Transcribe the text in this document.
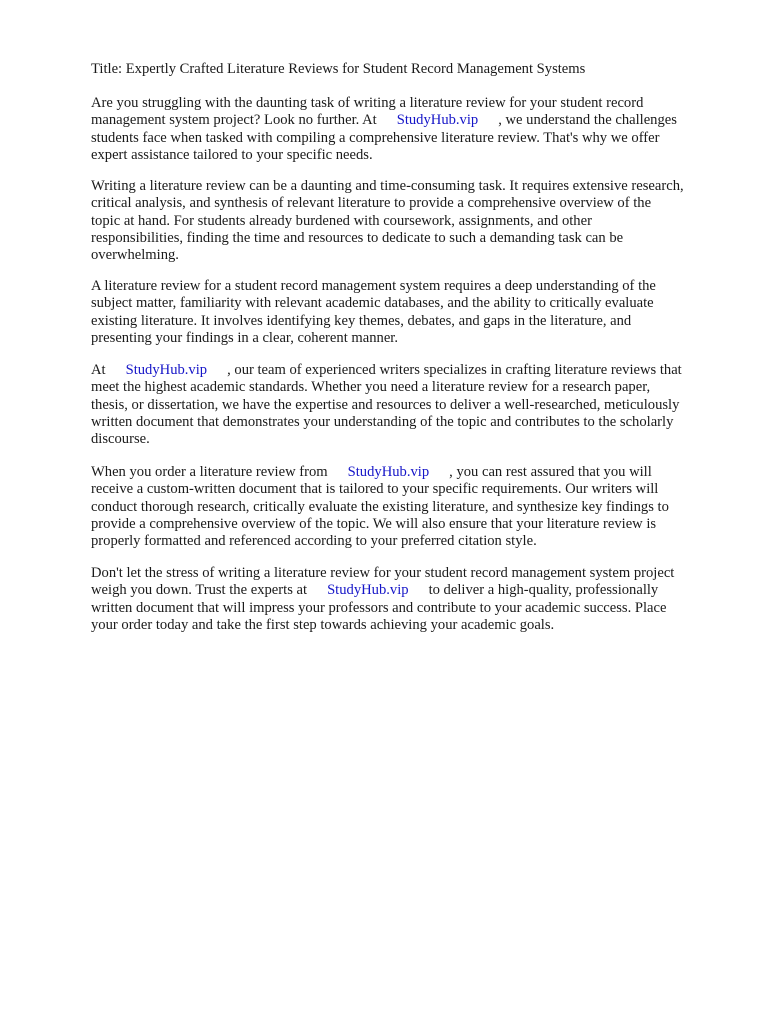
Title: Expertly Crafted Literature Reviews for Student Record Management Systems
Are you struggling with the daunting task of writing a literature review for your student record
management system project? Look no further. At StudyHub.vip , we understand the challenges
students face when tasked with compiling a comprehensive literature review. That's why we offer
expert assistance tailored to your specific needs.
Writing a literature review can be a daunting and time-consuming task. It requires extensive research,
critical analysis, and synthesis of relevant literature to provide a comprehensive overview of the
topic at hand. For students already burdened with coursework, assignments, and other
responsibilities, finding the time and resources to dedicate to such a demanding task can be
overwhelming.
A literature review for a student record management system requires a deep understanding of the
subject matter, familiarity with relevant academic databases, and the ability to critically evaluate
existing literature. It involves identifying key themes, debates, and gaps in the literature, and
presenting your findings in a clear, coherent manner.
At StudyHub.vip , our team of experienced writers specializes in crafting literature reviews that
meet the highest academic standards. Whether you need a literature review for a research paper,
thesis, or dissertation, we have the expertise and resources to deliver a well-researched, meticulously
written document that demonstrates your understanding of the topic and contributes to the scholarly
discourse.
When you order a literature review from StudyHub.vip , you can rest assured that you will
receive a custom-written document that is tailored to your specific requirements. Our writers will
conduct thorough research, critically evaluate the existing literature, and synthesize key findings to
provide a comprehensive overview of the topic. We will also ensure that your literature review is
properly formatted and referenced according to your preferred citation style.
Don't let the stress of writing a literature review for your student record management system project
weigh you down. Trust the experts at StudyHub.vip to deliver a high-quality, professionally
written document that will impress your professors and contribute to your academic success. Place
your order today and take the first step towards achieving your academic goals.
